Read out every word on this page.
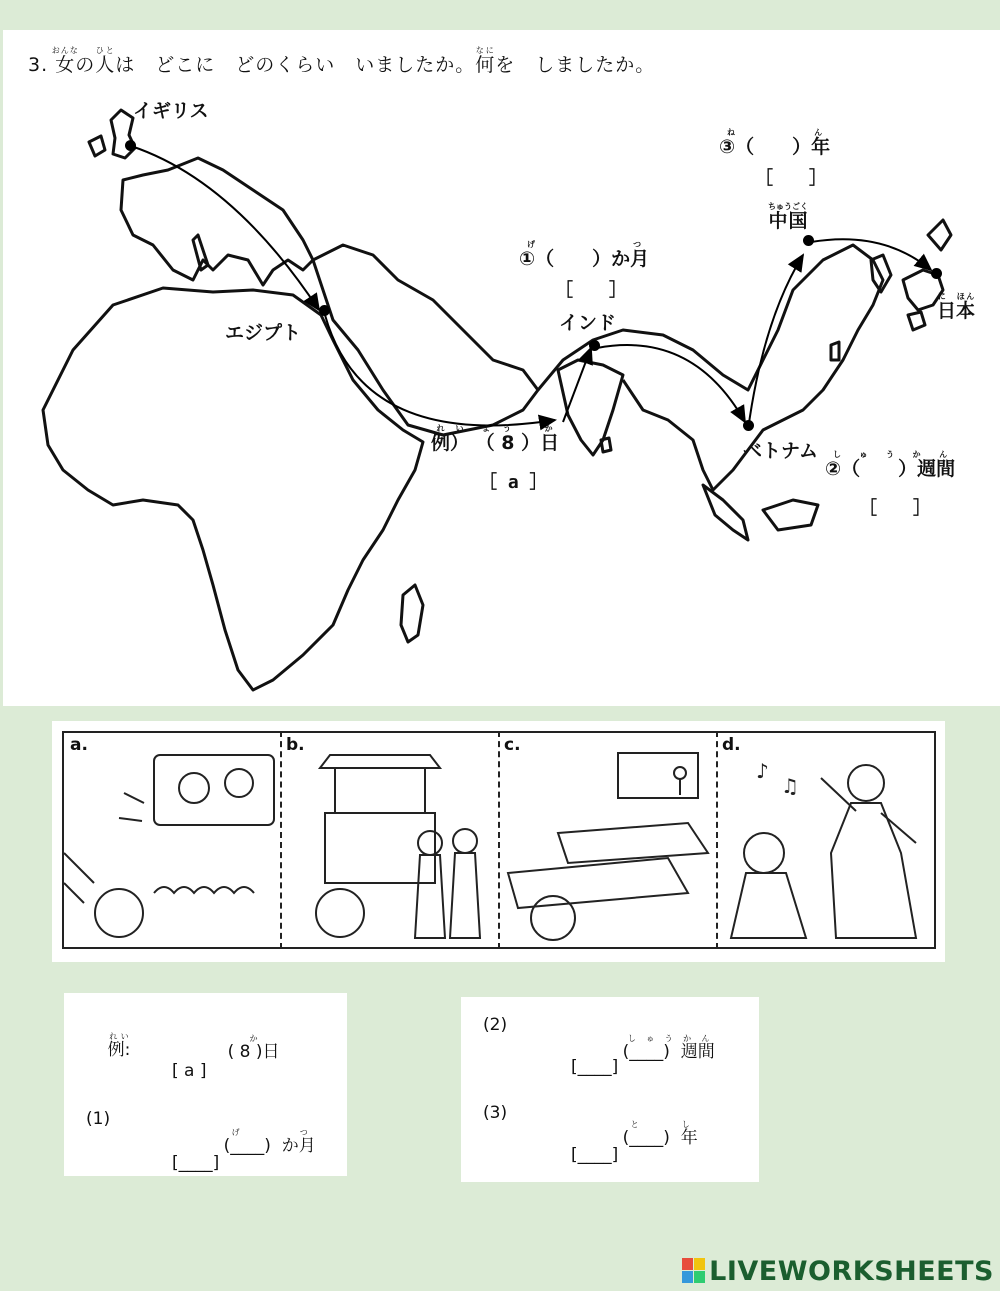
イギリス
エジプト	インド
ベトナム
中国ちゅうごく
日本に　ほん
①（　　）か月げつ
［　　］
③（　　）年ねん
［　　］
②（　　）週間しゅうかん
［　　］
例）れい （ 8 ）日よう　か
［ a ］
3. 女おんなの人ひとは　どこに　どのくらい　いましたか。何なにを　しましたか。
a.	b.	c.	d.
♪
♫

例:れい

( 8 )日か

[ a ]
(1)

(____)  か月げつ

[____]
(2)

(____)  週間しゅうかん

[____]
(3)

(____)  年とし

[____]
LIVEWORKSHEETS
